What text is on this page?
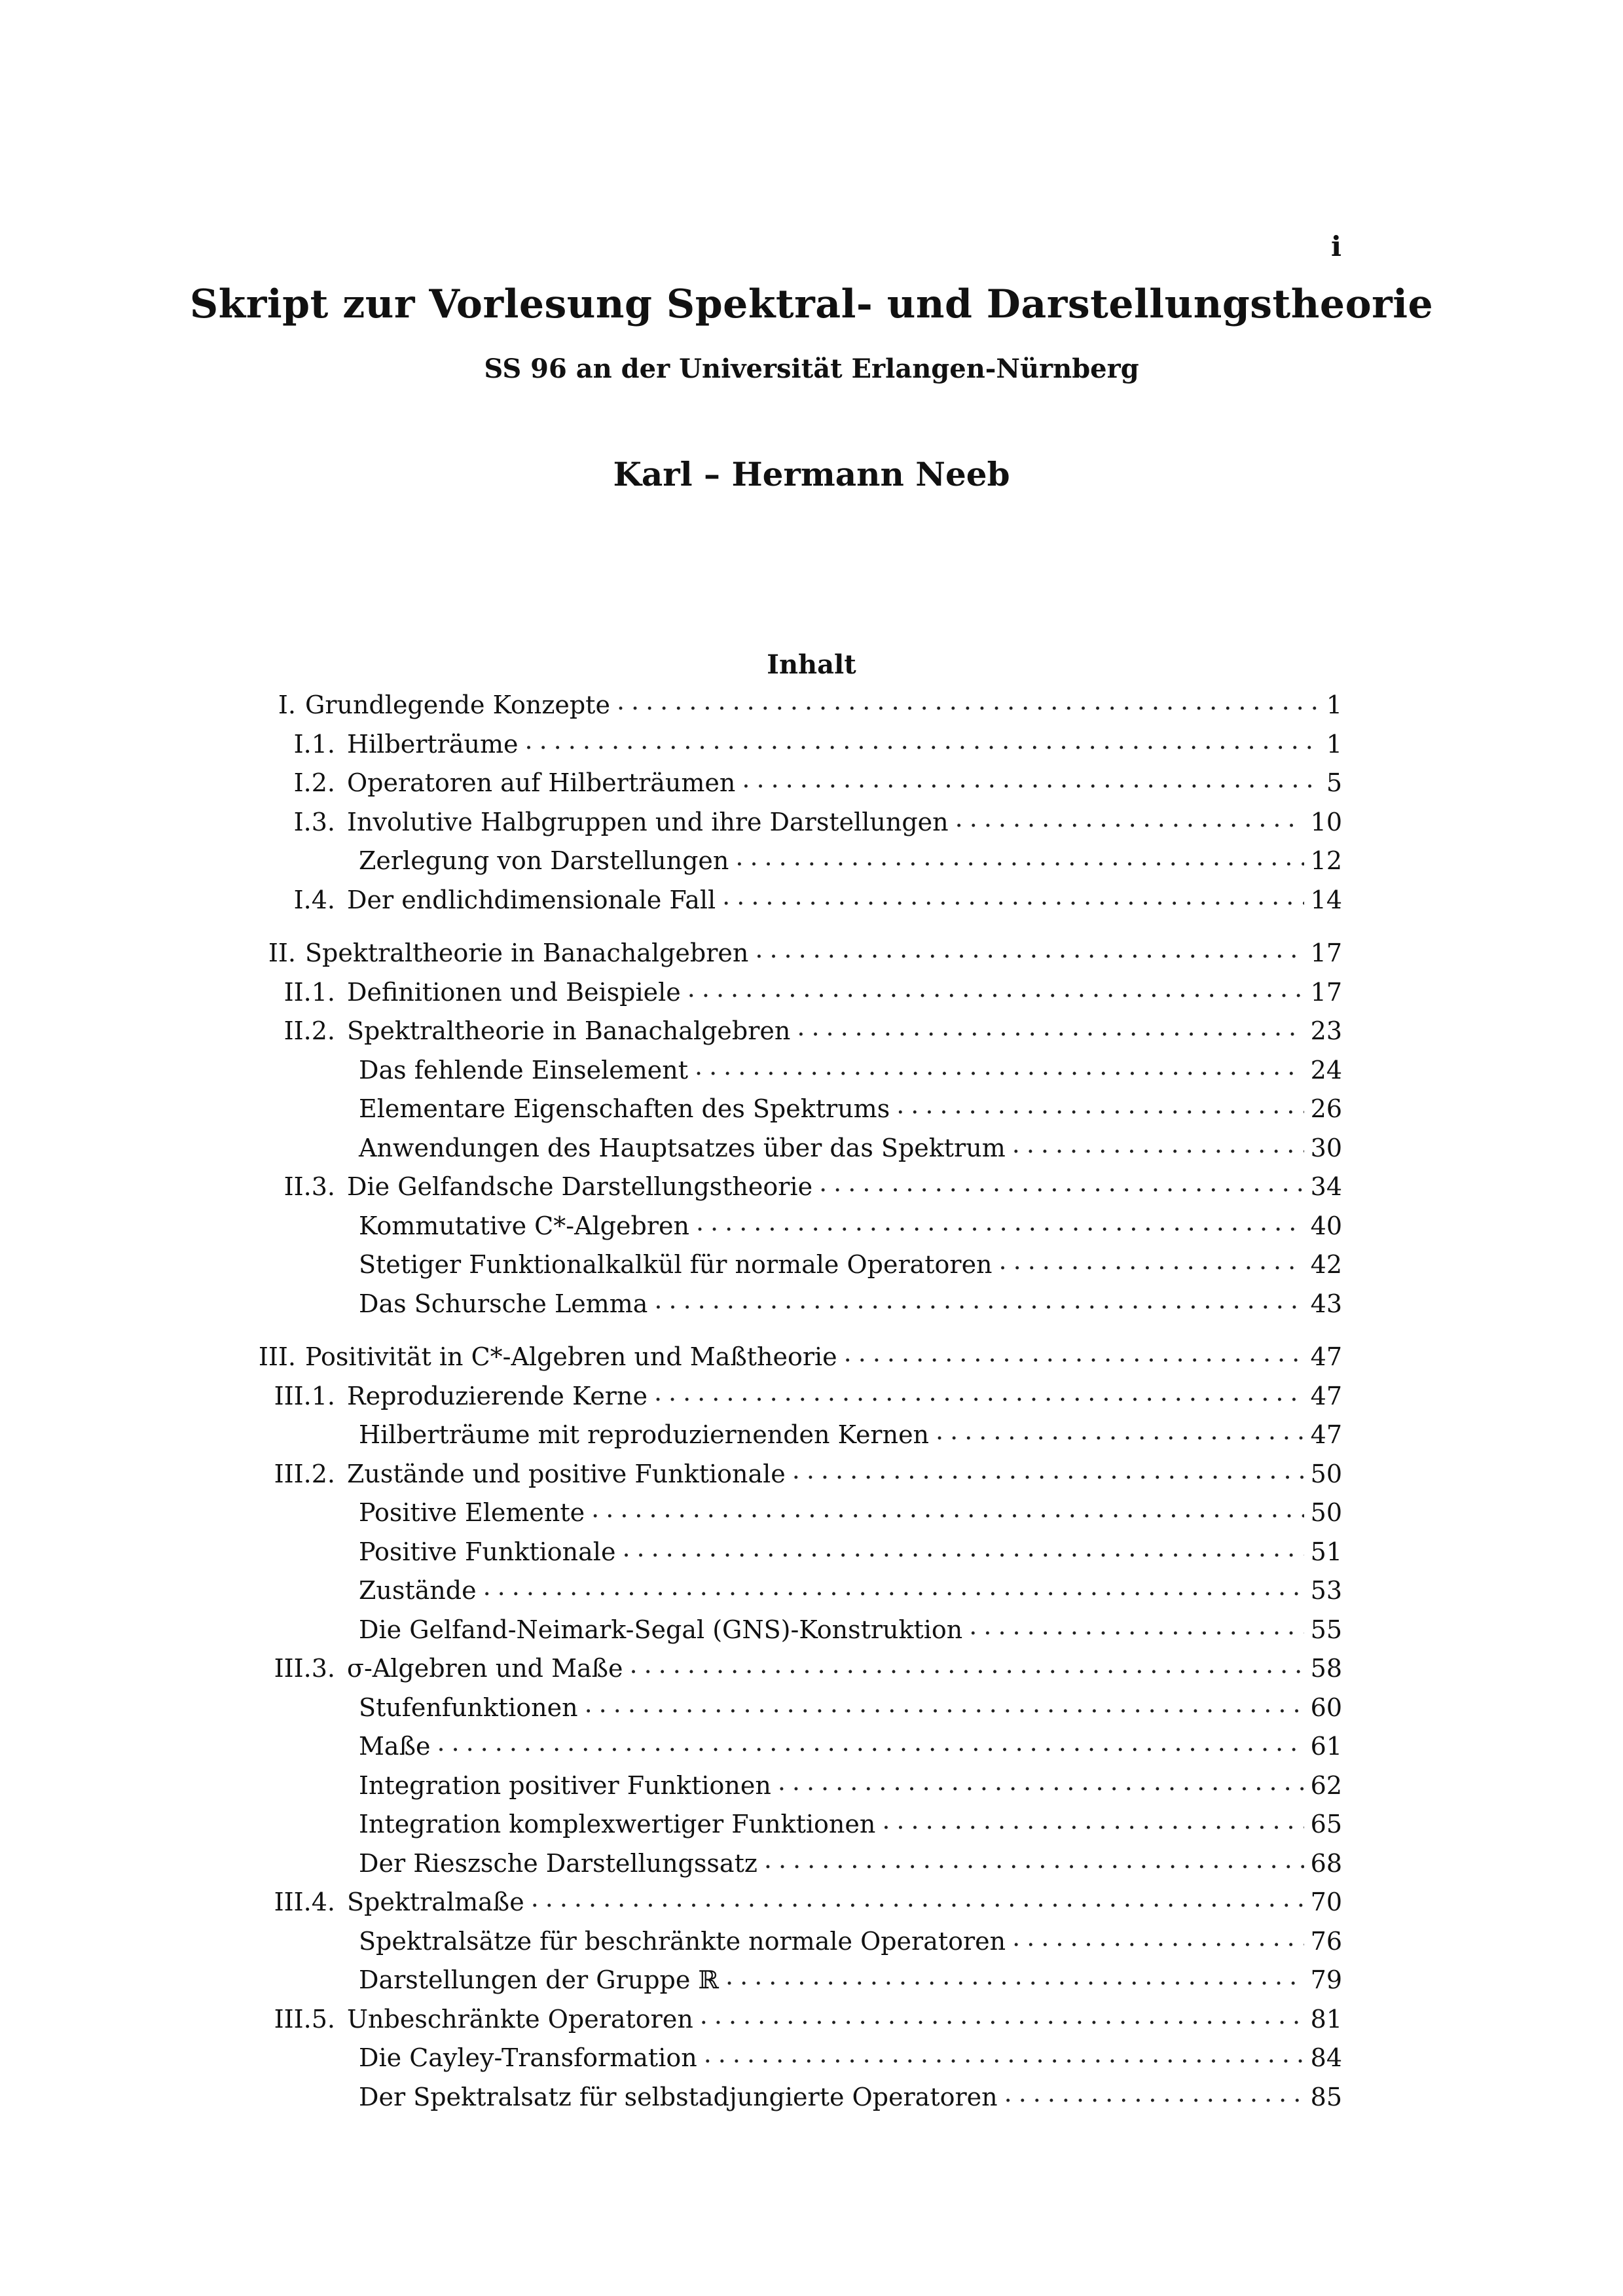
i
Skript zur Vorlesung Spektral- und Darstellungstheorie
SS 96 an der Universität Erlangen-Nürnberg
Karl – Hermann Neeb
Inhalt
I. Grundlegende Konzepte .....	1
I.1. Hilberträume .....	1
I.2. Operatoren auf Hilberträumen .....	5
I.3. Involutive Halbgruppen und ihre Darstellungen .....	10
Zerlegung von Darstellungen .....	12
I.4. Der endlichdimensionale Fall .....	14
II. Spektraltheorie in Banachalgebren .....	17
II.1. Definitionen und Beispiele .....	17
II.2. Spektraltheorie in Banachalgebren .....	23
Das fehlende Einselement .....	24
Elementare Eigenschaften des Spektrums .....	26
Anwendungen des Hauptsatzes über das Spektrum .....	30
II.3. Die Gelfandsche Darstellungstheorie .....	34
Kommutative C*-Algebren .....	40
Stetiger Funktionalkalkül für normale Operatoren .....	42
Das Schursche Lemma .....	43
III. Positivität in C*-Algebren und Maßtheorie .....	47
III.1. Reproduzierende Kerne .....	47
Hilberträume mit reproduziernenden Kernen .....	47
III.2. Zustände und positive Funktionale .....	50
Positive Elemente .....	50
Positive Funktionale .....	51
Zustände .....	53
Die Gelfand-Neimark-Segal (GNS)-Konstruktion .....	55
III.3. σ-Algebren und Maße .....	58
Stufenfunktionen .....	60
Maße .....	61
Integration positiver Funktionen .....	62
Integration komplexwertiger Funktionen .....	65
Der Rieszsche Darstellungssatz .....	68
III.4. Spektralmaße .....	70
Spektralsätze für beschränkte normale Operatoren .....	76
Darstellungen der Gruppe ℝ .....	79
III.5. Unbeschränkte Operatoren .....	81
Die Cayley-Transformation .....	84
Der Spektralsatz für selbstadjungierte Operatoren .....	85
